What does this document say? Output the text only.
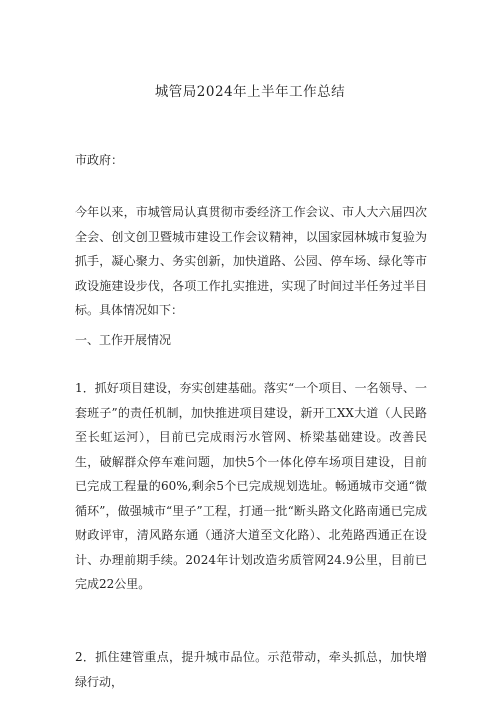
城管局2024年上半年工作总结
市政府：
今年以来，市城管局认真贯彻市委经济工作会议、市人大六届四次全会、创文创卫暨城市建设工作会议精神，以国家园林城市复验为抓手，凝心聚力、务实创新，加快道路、公园、停车场、绿化等市政设施建设步伐，各项工作扎实推进，实现了时间过半任务过半目标。具体情况如下：
一、工作开展情况
1．抓好项目建设，夯实创建基础。落实“一个项目、一名领导、一套班子”的责任机制，加快推进项目建设，新开工XX大道（人民路至长虹运河），目前已完成雨污水管网、桥梁基础建设。改善民生，破解群众停车难问题，加快5个一体化停车场项目建设，目前已完成工程量的60%,剩余5个已完成规划选址。畅通城市交通“微循环”，做强城市“里子”工程，打通一批“断头路文化路南通已完成财政评审，清风路东通（通济大道至文化路）、北苑路西通正在设计、办理前期手续。2024年计划改造劣质管网24.9公里，目前已完成22公里。
2．抓住建管重点，提升城市品位。示范带动，牵头抓总，加快增绿行动，
